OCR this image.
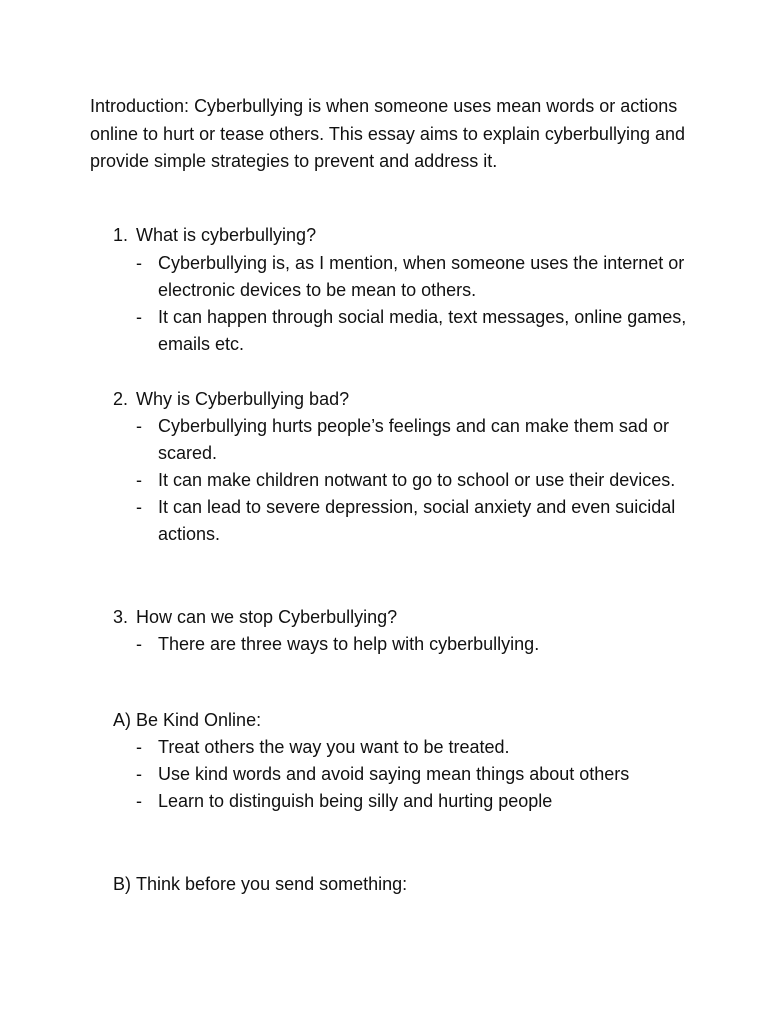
Introduction: Cyberbullying is when someone uses mean words or actions online to hurt or tease others. This essay aims to explain cyberbullying and provide simple strategies to prevent and address it.

1. What is cyberbullying?
- Cyberbullying is, as I mention, when someone uses the internet or electronic devices to be mean to others.
- It can happen through social media, text messages, online games, emails etc.
2. Why is Cyberbullying bad?
- Cyberbullying hurts people’s feelings and can make them sad or scared.
- It can make children notwant to go to school or use their devices.
- It can lead to severe depression, social anxiety and even suicidal actions.
3. How can we stop Cyberbullying?
- There are three ways to help with cyberbullying.
A) Be Kind Online:
- Treat others the way you want to be treated.
- Use kind words and avoid saying mean things about others
- Learn to distinguish being silly and hurting people
B) Think before you send something:
